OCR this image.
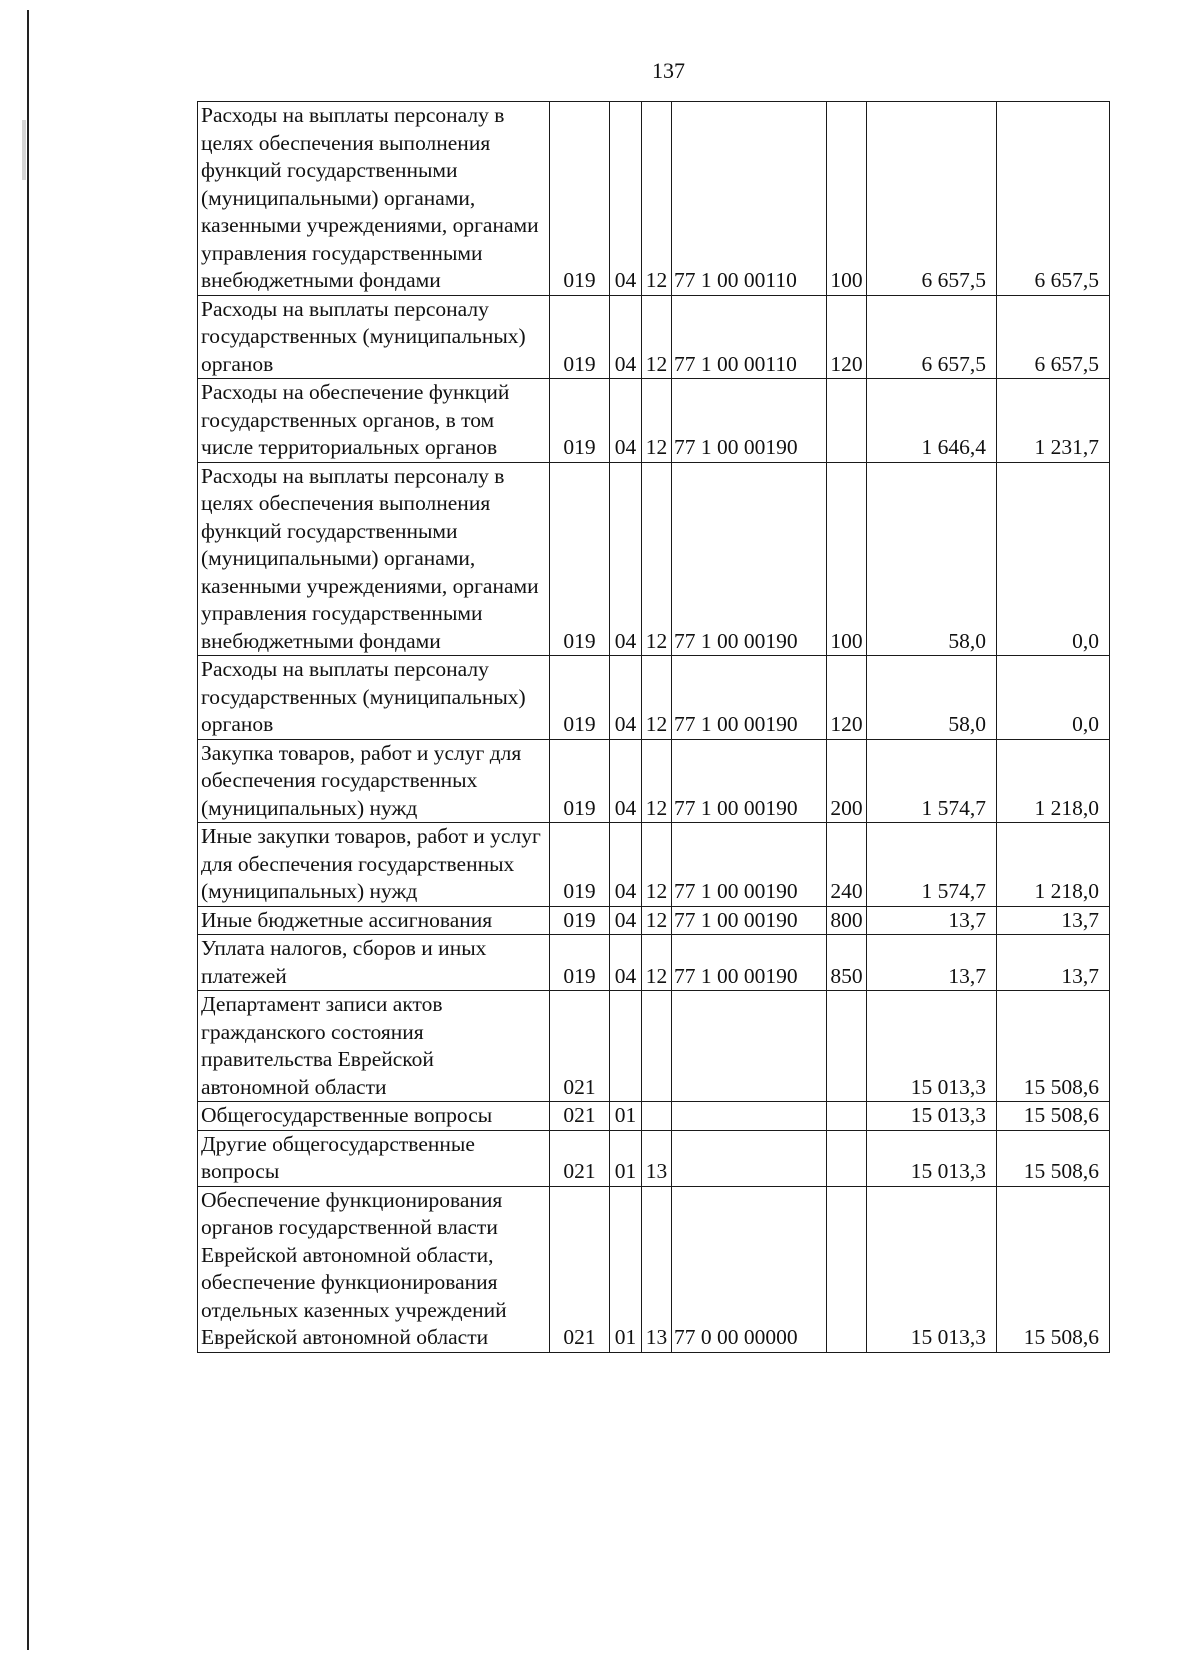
137
Расходы на выплаты персоналу в целях обеспечения выполнения функций государственными (муниципальными) органами, казенными учреждениями, органами управления государственными внебюджетными фондами	019	04	12	77 1 00 00110	100	6 657,5	6 657,5
Расходы на выплаты персоналу государственных (муниципальных) органов	019	04	12	77 1 00 00110	120	6 657,5	6 657,5
Расходы на обеспечение функций государственных органов, в том числе территориальных органов	019	04	12	77 1 00 00190		1 646,4	1 231,7
Расходы на выплаты персоналу в целях обеспечения выполнения функций государственными (муниципальными) органами, казенными учреждениями, органами управления государственными внебюджетными фондами	019	04	12	77 1 00 00190	100	58,0	0,0
Расходы на выплаты персоналу государственных (муниципальных) органов	019	04	12	77 1 00 00190	120	58,0	0,0
Закупка товаров, работ и услуг для обеспечения государственных (муниципальных) нужд	019	04	12	77 1 00 00190	200	1 574,7	1 218,0
Иные закупки товаров, работ и услуг для обеспечения государственных (муниципальных) нужд	019	04	12	77 1 00 00190	240	1 574,7	1 218,0
Иные бюджетные ассигнования	019	04	12	77 1 00 00190	800	13,7	13,7
Уплата налогов, сборов и иных платежей	019	04	12	77 1 00 00190	850	13,7	13,7
Департамент записи актов гражданского состояния правительства Еврейской автономной области	021					15 013,3	15 508,6
Общегосударственные вопросы	021	01				15 013,3	15 508,6
Другие общегосударственные вопросы	021	01	13			15 013,3	15 508,6
Обеспечение функционирования органов государственной власти Еврейской автономной области, обеспечение функционирования отдельных казенных учреждений Еврейской автономной области	021	01	13	77 0 00 00000		15 013,3	15 508,6
